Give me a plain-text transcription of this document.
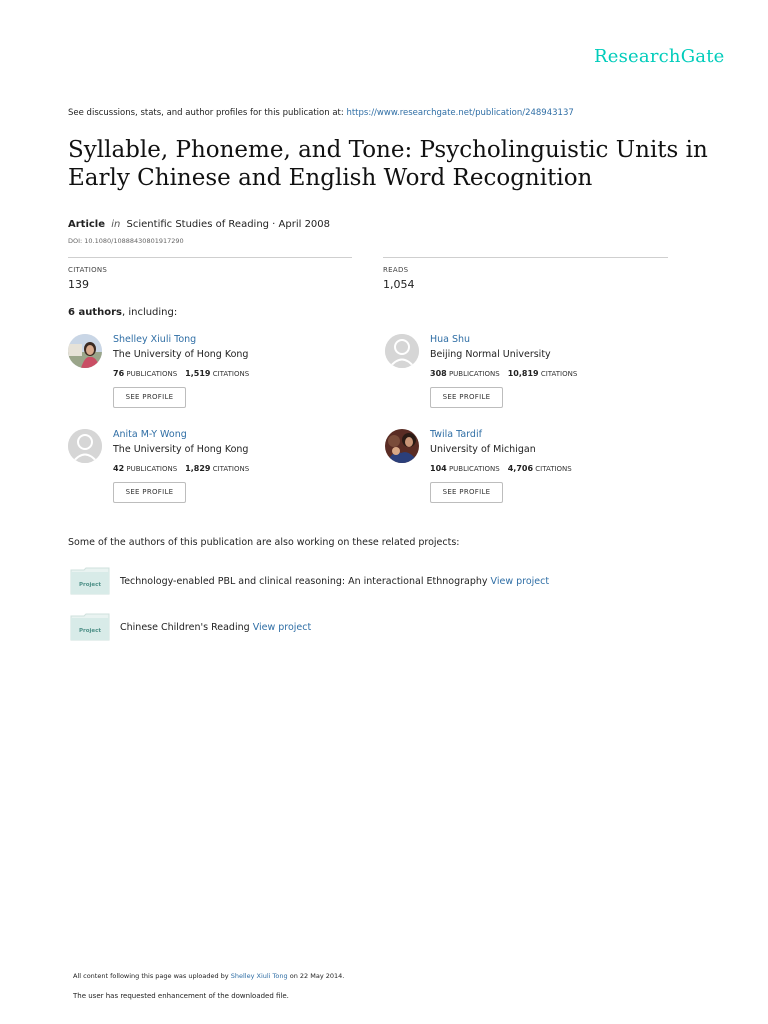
ResearchGate
See discussions, stats, and author profiles for this publication at: https://www.researchgate.net/publication/248943137
Syllable, Phoneme, and Tone: Psycholinguistic Units in Early Chinese and English Word Recognition
Article in Scientific Studies of Reading · April 2008
DOI: 10.1080/10888430801917290
CITATIONS
139
READS
1,054
6 authors, including:
Shelley Xiuli Tong
The University of Hong Kong
76 PUBLICATIONS 1,519 CITATIONS
SEE PROFILE
Hua Shu
Beijing Normal University
308 PUBLICATIONS 10,819 CITATIONS
SEE PROFILE
Anita M-Y Wong
The University of Hong Kong
42 PUBLICATIONS 1,829 CITATIONS
SEE PROFILE
Twila Tardif
University of Michigan
104 PUBLICATIONS 4,706 CITATIONS
SEE PROFILE
Some of the authors of this publication are also working on these related projects:
Project Technology-enabled PBL and clinical reasoning: An interactional Ethnography View project
Project Chinese Children's Reading View project
All content following this page was uploaded by Shelley Xiuli Tong on 22 May 2014.
The user has requested enhancement of the downloaded file.
